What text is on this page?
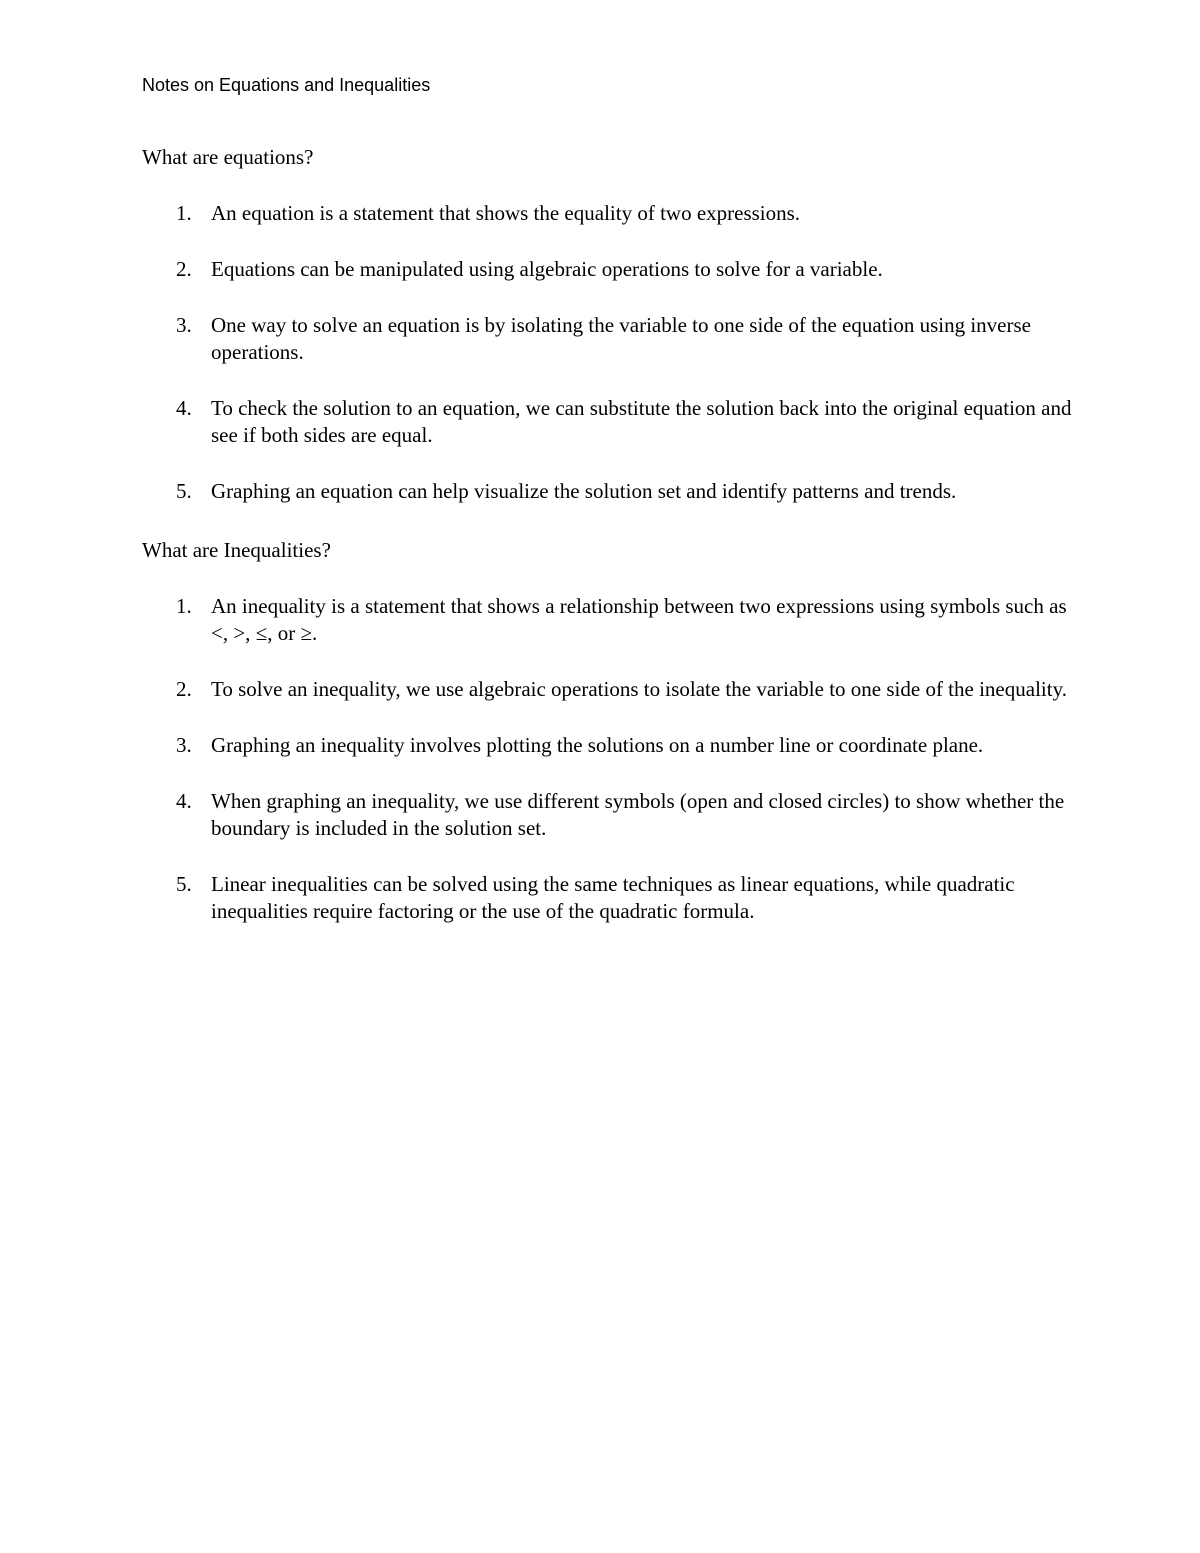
Notes on Equations and Inequalities
What are equations?
1. An equation is a statement that shows the equality of two expressions.
2. Equations can be manipulated using algebraic operations to solve for a variable.
3. One way to solve an equation is by isolating the variable to one side of the equation using inverse operations.
4. To check the solution to an equation, we can substitute the solution back into the original equation and see if both sides are equal.
5. Graphing an equation can help visualize the solution set and identify patterns and trends.
What are Inequalities?
1. An inequality is a statement that shows a relationship between two expressions using symbols such as <, >, ≤, or ≥.
2. To solve an inequality, we use algebraic operations to isolate the variable to one side of the inequality.
3. Graphing an inequality involves plotting the solutions on a number line or coordinate plane.
4. When graphing an inequality, we use different symbols (open and closed circles) to show whether the boundary is included in the solution set.
5. Linear inequalities can be solved using the same techniques as linear equations, while quadratic inequalities require factoring or the use of the quadratic formula.
